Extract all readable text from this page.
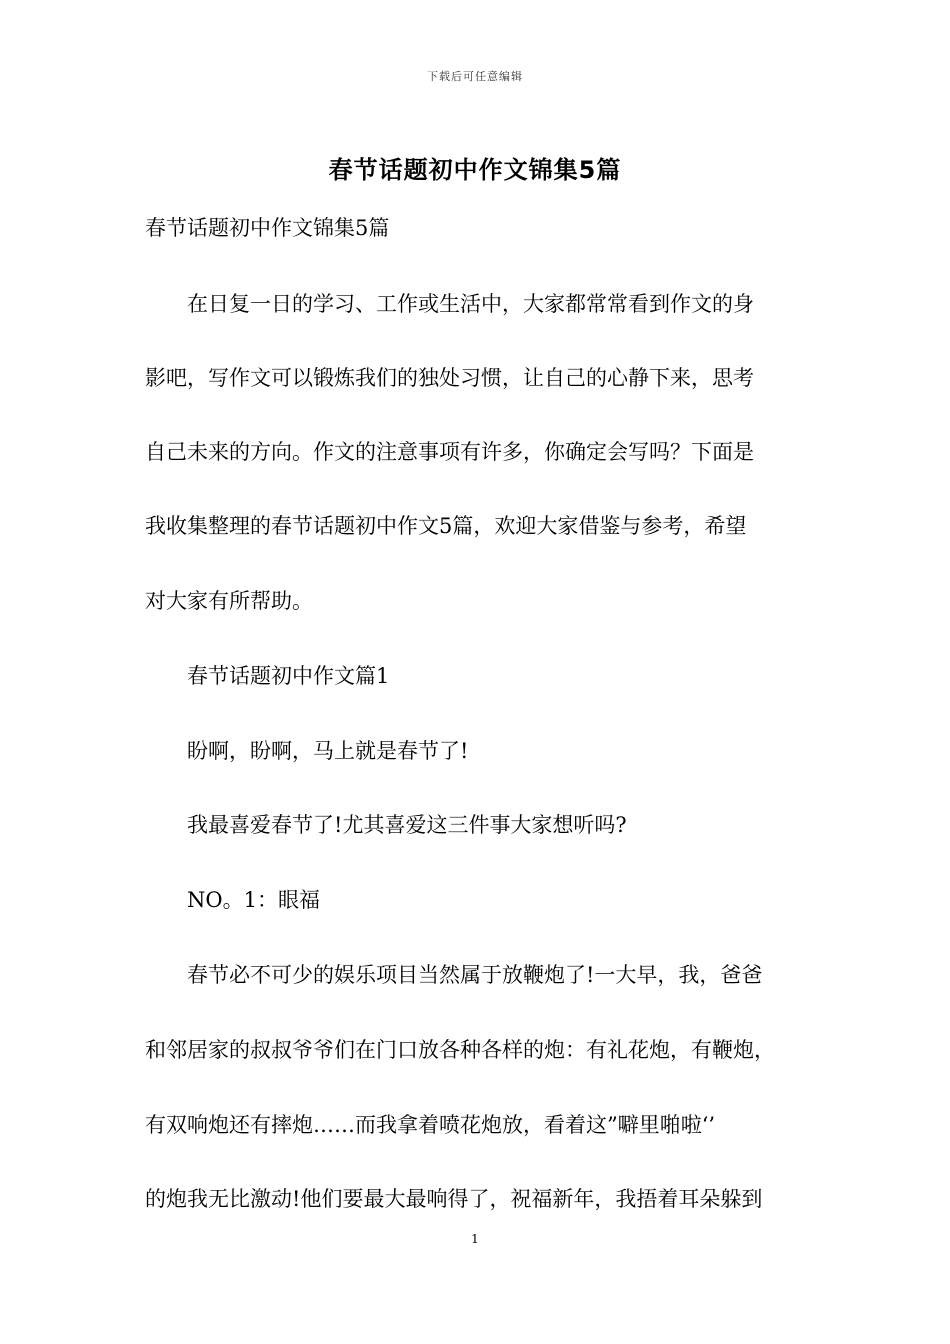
下载后可任意编辑
春节话题初中作文锦集5篇
春节话题初中作文锦集5篇
　　在日复一日的学习、工作或生活中，大家都常常看到作文的身
影吧，写作文可以锻炼我们的独处习惯，让自己的心静下来，思考
自己未来的方向。作文的注意事项有许多，你确定会写吗？下面是
我收集整理的春节话题初中作文5篇，欢迎大家借鉴与参考，希望
对大家有所帮助。
　　春节话题初中作文篇1
　　盼啊，盼啊，马上就是春节了!
　　我最喜爱春节了!尤其喜爱这三件事大家想听吗?
　　NO。1：眼福
　　春节必不可少的娱乐项目当然属于放鞭炮了!一大早，我，爸爸
和邻居家的叔叔爷爷们在门口放各种各样的炮：有礼花炮，有鞭炮，
有双响炮还有摔炮……而我拿着喷花炮放，看着这”噼里啪啦‘’
的炮我无比激动!他们要最大最响得了，祝福新年，我捂着耳朵躲到
1
